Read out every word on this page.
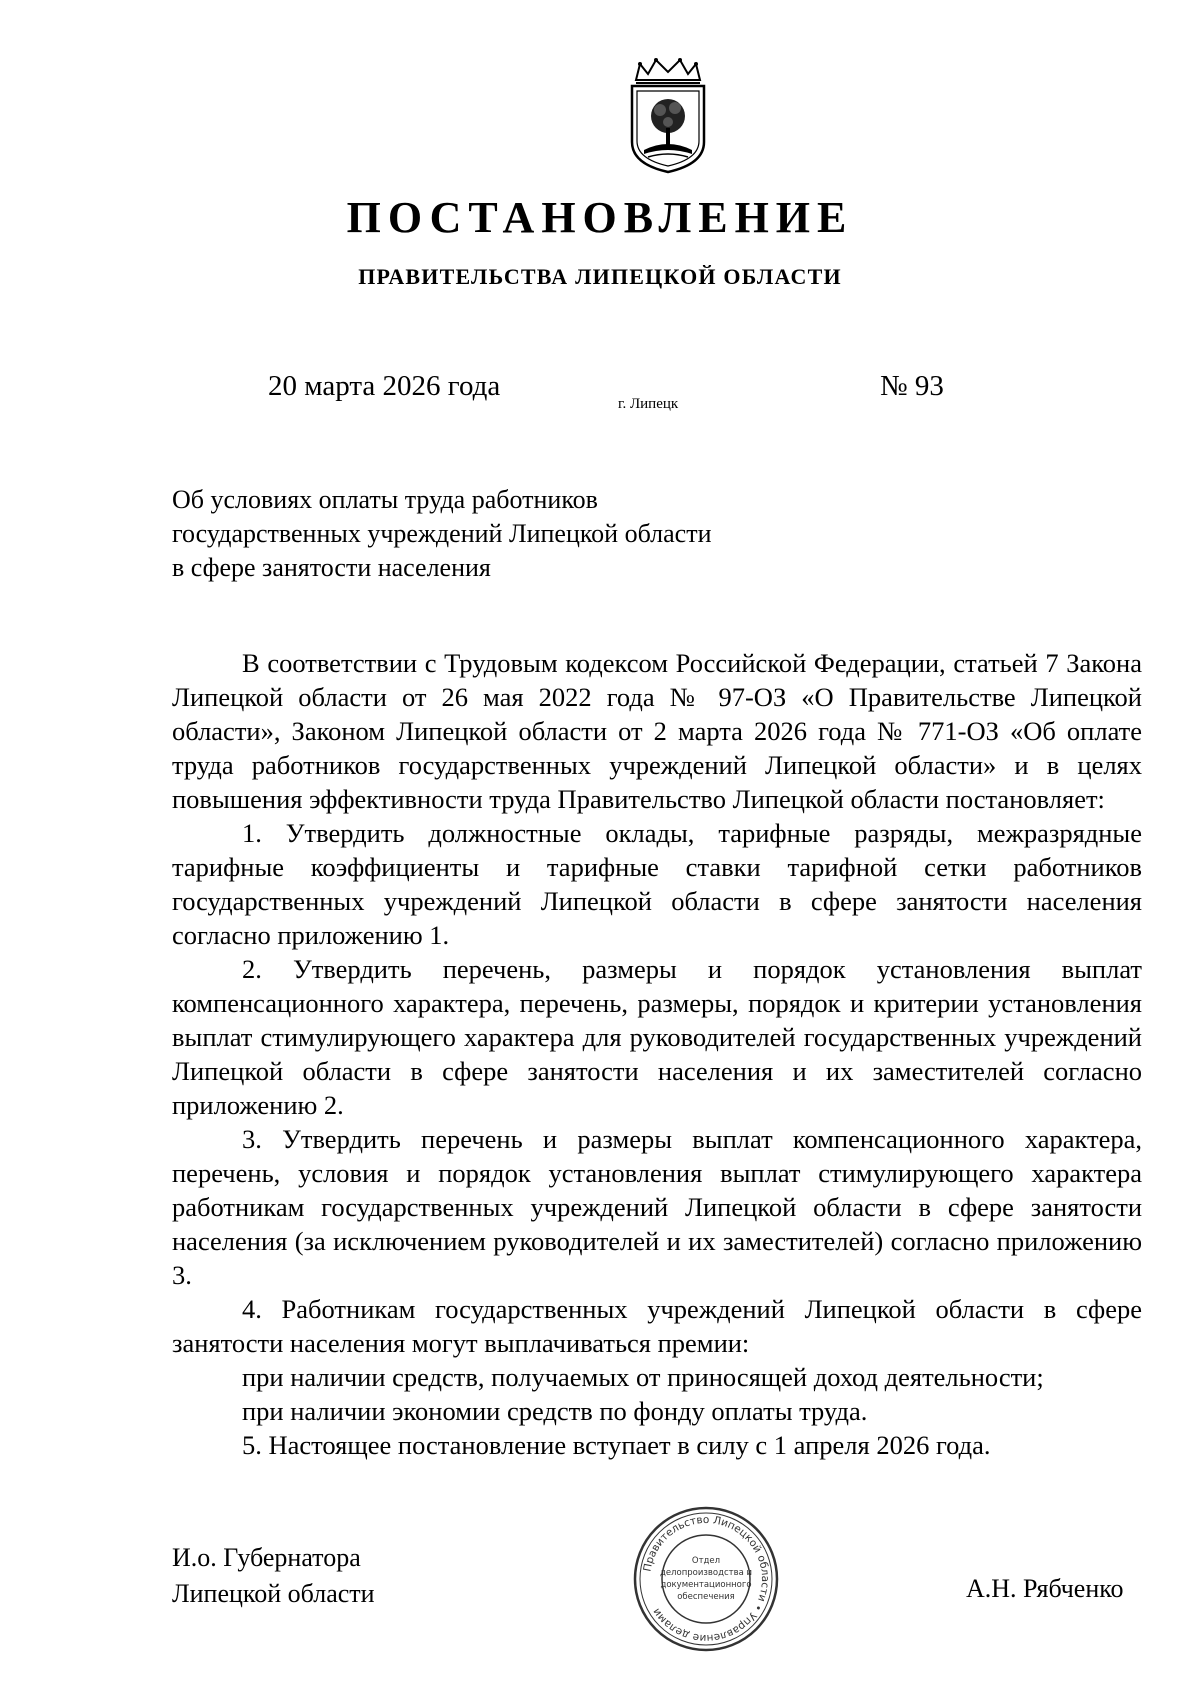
ПОСТАНОВЛЕНИЕ
ПРАВИТЕЛЬСТВА ЛИПЕЦКОЙ ОБЛАСТИ
20 марта 2026 года
г. Липецк
№ 93
Об условиях оплаты труда работников
государственных учреждений Липецкой области
в сфере занятости населения

В соответствии с Трудовым кодексом Российской Федерации, статьей 7 Закона Липецкой области от 26 мая 2022 года № 97-ОЗ «О Правительстве Липецкой области», Законом Липецкой области от 2 марта 2026 года № 771-ОЗ «Об оплате труда работников государственных учреждений Липецкой области» и в целях повышения эффективности труда Правительство Липецкой области постановляет:

1. Утвердить должностные оклады, тарифные разряды, межразрядные тарифные коэффициенты и тарифные ставки тарифной сетки работников государственных учреждений Липецкой области в сфере занятости населения согласно приложению 1.

2. Утвердить перечень, размеры и порядок установления выплат компенсационного характера, перечень, размеры, порядок и критерии установления выплат стимулирующего характера для руководителей государственных учреждений Липецкой области в сфере занятости населения и их заместителей согласно приложению 2.

3. Утвердить перечень и размеры выплат компенсационного характера, перечень, условия и порядок установления выплат стимулирующего характера работникам государственных учреждений Липецкой области в сфере занятости населения (за исключением руководителей и их заместителей) согласно приложению 3.

4. Работникам государственных учреждений Липецкой области в сфере занятости населения могут выплачиваться премии:

при наличии средств, получаемых от приносящей доход деятельности;

при наличии экономии средств по фонду оплаты труда.

5. Настоящее постановление вступает в силу с 1 апреля 2026 года.

И.о. Губернатора
Липецкой области
Правительство Липецкой области • Управление делами
Отдел
делопроизводства и
документационного
обеспечения	А.Н. Рябченко
